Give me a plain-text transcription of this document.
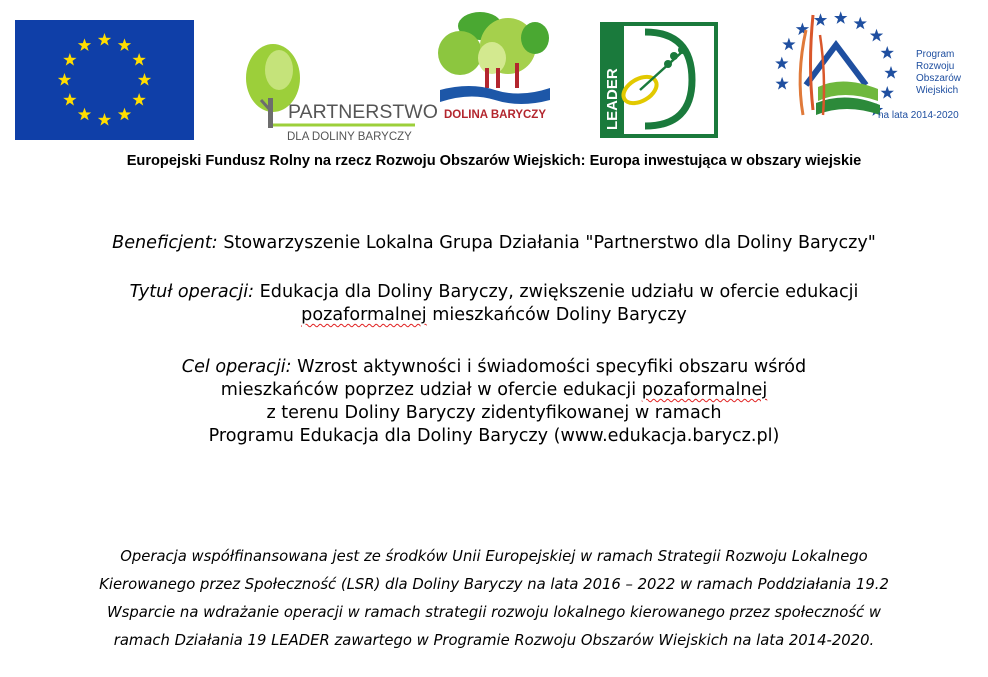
PARTNERSTWO
DLA DOLINY BARYCZY
DOLINA BARYCZY	LEADER
Program
Rozwoju
Obszarów
Wiejskich
na lata 2014-2020
Europejski Fundusz Rolny na rzecz Rozwoju Obszarów Wiejskich: Europa inwestująca w obszary wiejskie
Beneficjent: Stowarzyszenie Lokalna Grupa Działania "Partnerstwo dla Doliny Baryczy"
Tytuł operacji: Edukacja dla Doliny Baryczy, zwiększenie udziału w ofercie edukacji
pozaformalnej mieszkańców Doliny Baryczy
Cel operacji: Wzrost aktywności i świadomości specyfiki obszaru wśród
mieszkańców poprzez udział w ofercie edukacji pozaformalnej
z terenu Doliny Baryczy zidentyfikowanej w ramach
Programu Edukacja dla Doliny Baryczy (www.edukacja.barycz.pl)
Operacja współfinansowana jest ze środków Unii Europejskiej w ramach Strategii Rozwoju Lokalnego
Kierowanego przez Społeczność (LSR) dla Doliny Baryczy na lata 2016 – 2022 w ramach Poddziałania 19.2
Wsparcie na wdrażanie operacji w ramach strategii rozwoju lokalnego kierowanego przez społeczność w
ramach Działania 19 LEADER zawartego w Programie Rozwoju Obszarów Wiejskich na lata 2014-2020.
